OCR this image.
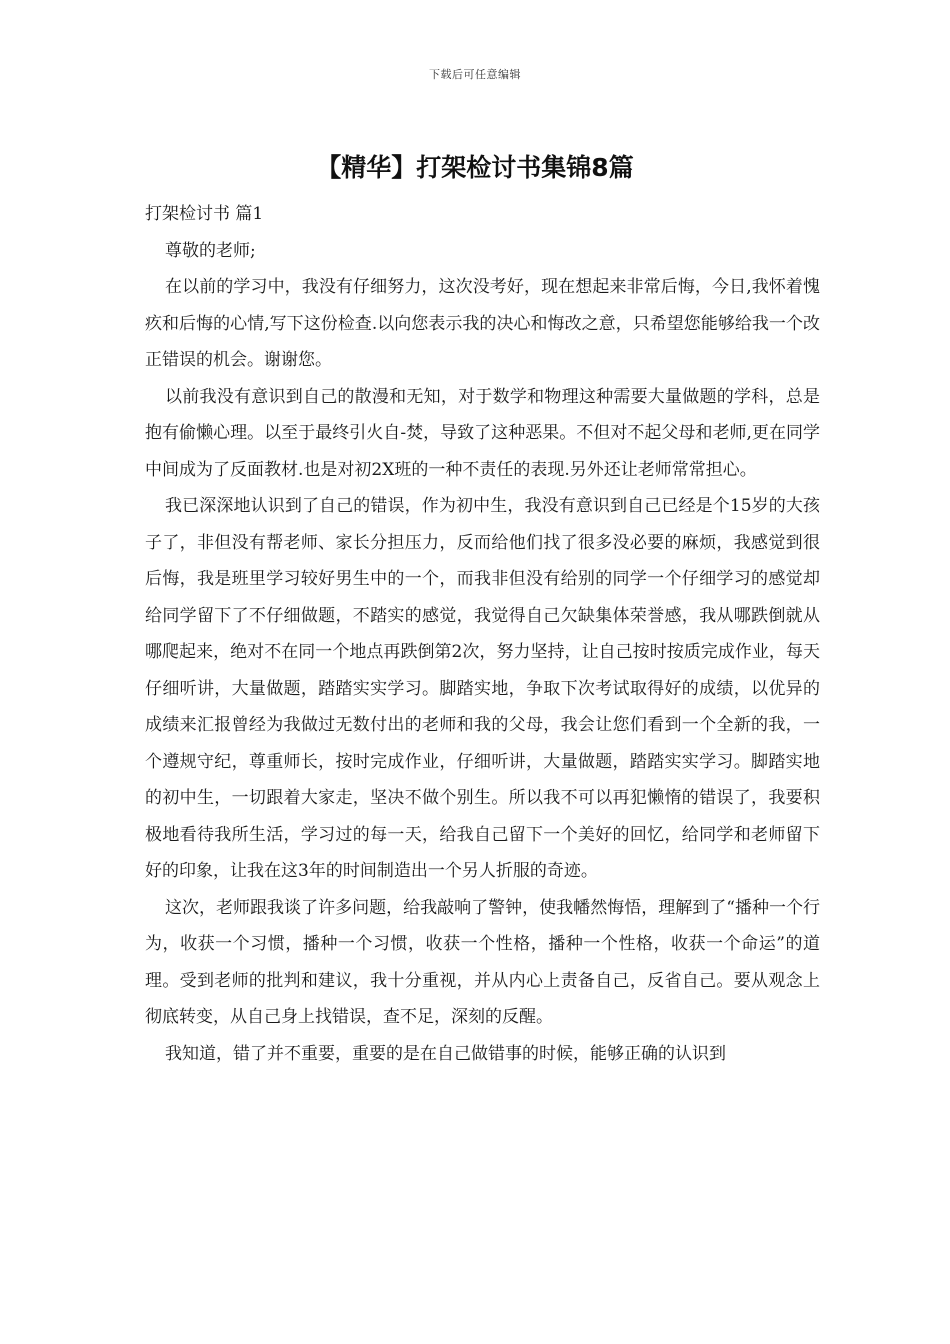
下载后可任意编辑
【精华】打架检讨书集锦8篇

打架检讨书 篇1

尊敬的老师;

在以前的学习中，我没有仔细努力，这次没考好，现在想起来非常后悔，今日,我怀着愧疚和后悔的心情,写下这份检查.以向您表示我的决心和悔改之意，只希望您能够给我一个改正错误的机会。谢谢您。

以前我没有意识到自己的散漫和无知，对于数学和物理这种需要大量做题的学科，总是抱有偷懒心理。以至于最终引火自-焚，导致了这种恶果。不但对不起父母和老师,更在同学中间成为了反面教材.也是对初2X班的一种不责任的表现.另外还让老师常常担心。

我已深深地认识到了自己的错误，作为初中生，我没有意识到自己已经是个15岁的大孩子了，非但没有帮老师、家长分担压力，反而给他们找了很多没必要的麻烦，我感觉到很后悔，我是班里学习较好男生中的一个，而我非但没有给别的同学一个仔细学习的感觉却给同学留下了不仔细做题，不踏实的感觉，我觉得自己欠缺集体荣誉感，我从哪跌倒就从哪爬起来，绝对不在同一个地点再跌倒第2次，努力坚持，让自己按时按质完成作业，每天仔细听讲，大量做题，踏踏实实学习。脚踏实地，争取下次考试取得好的成绩，以优异的成绩来汇报曾经为我做过无数付出的老师和我的父母，我会让您们看到一个全新的我，一个遵规守纪，尊重师长，按时完成作业，仔细听讲，大量做题，踏踏实实学习。脚踏实地的初中生，一切跟着大家走，坚决不做个别生。所以我不可以再犯懒惰的错误了，我要积极地看待我所生活，学习过的每一天，给我自己留下一个美好的回忆，给同学和老师留下好的印象，让我在这3年的时间制造出一个另人折服的奇迹。

这次，老师跟我谈了许多问题，给我敲响了警钟，使我幡然悔悟，理解到了“播种一个行为，收获一个习惯，播种一个习惯，收获一个性格，播种一个性格，收获一个命运”的道理。受到老师的批判和建议，我十分重视，并从内心上责备自己，反省自己。要从观念上彻底转变，从自己身上找错误，查不足，深刻的反醒。

我知道，错了并不重要，重要的是在自己做错事的时候，能够正确的认识到
